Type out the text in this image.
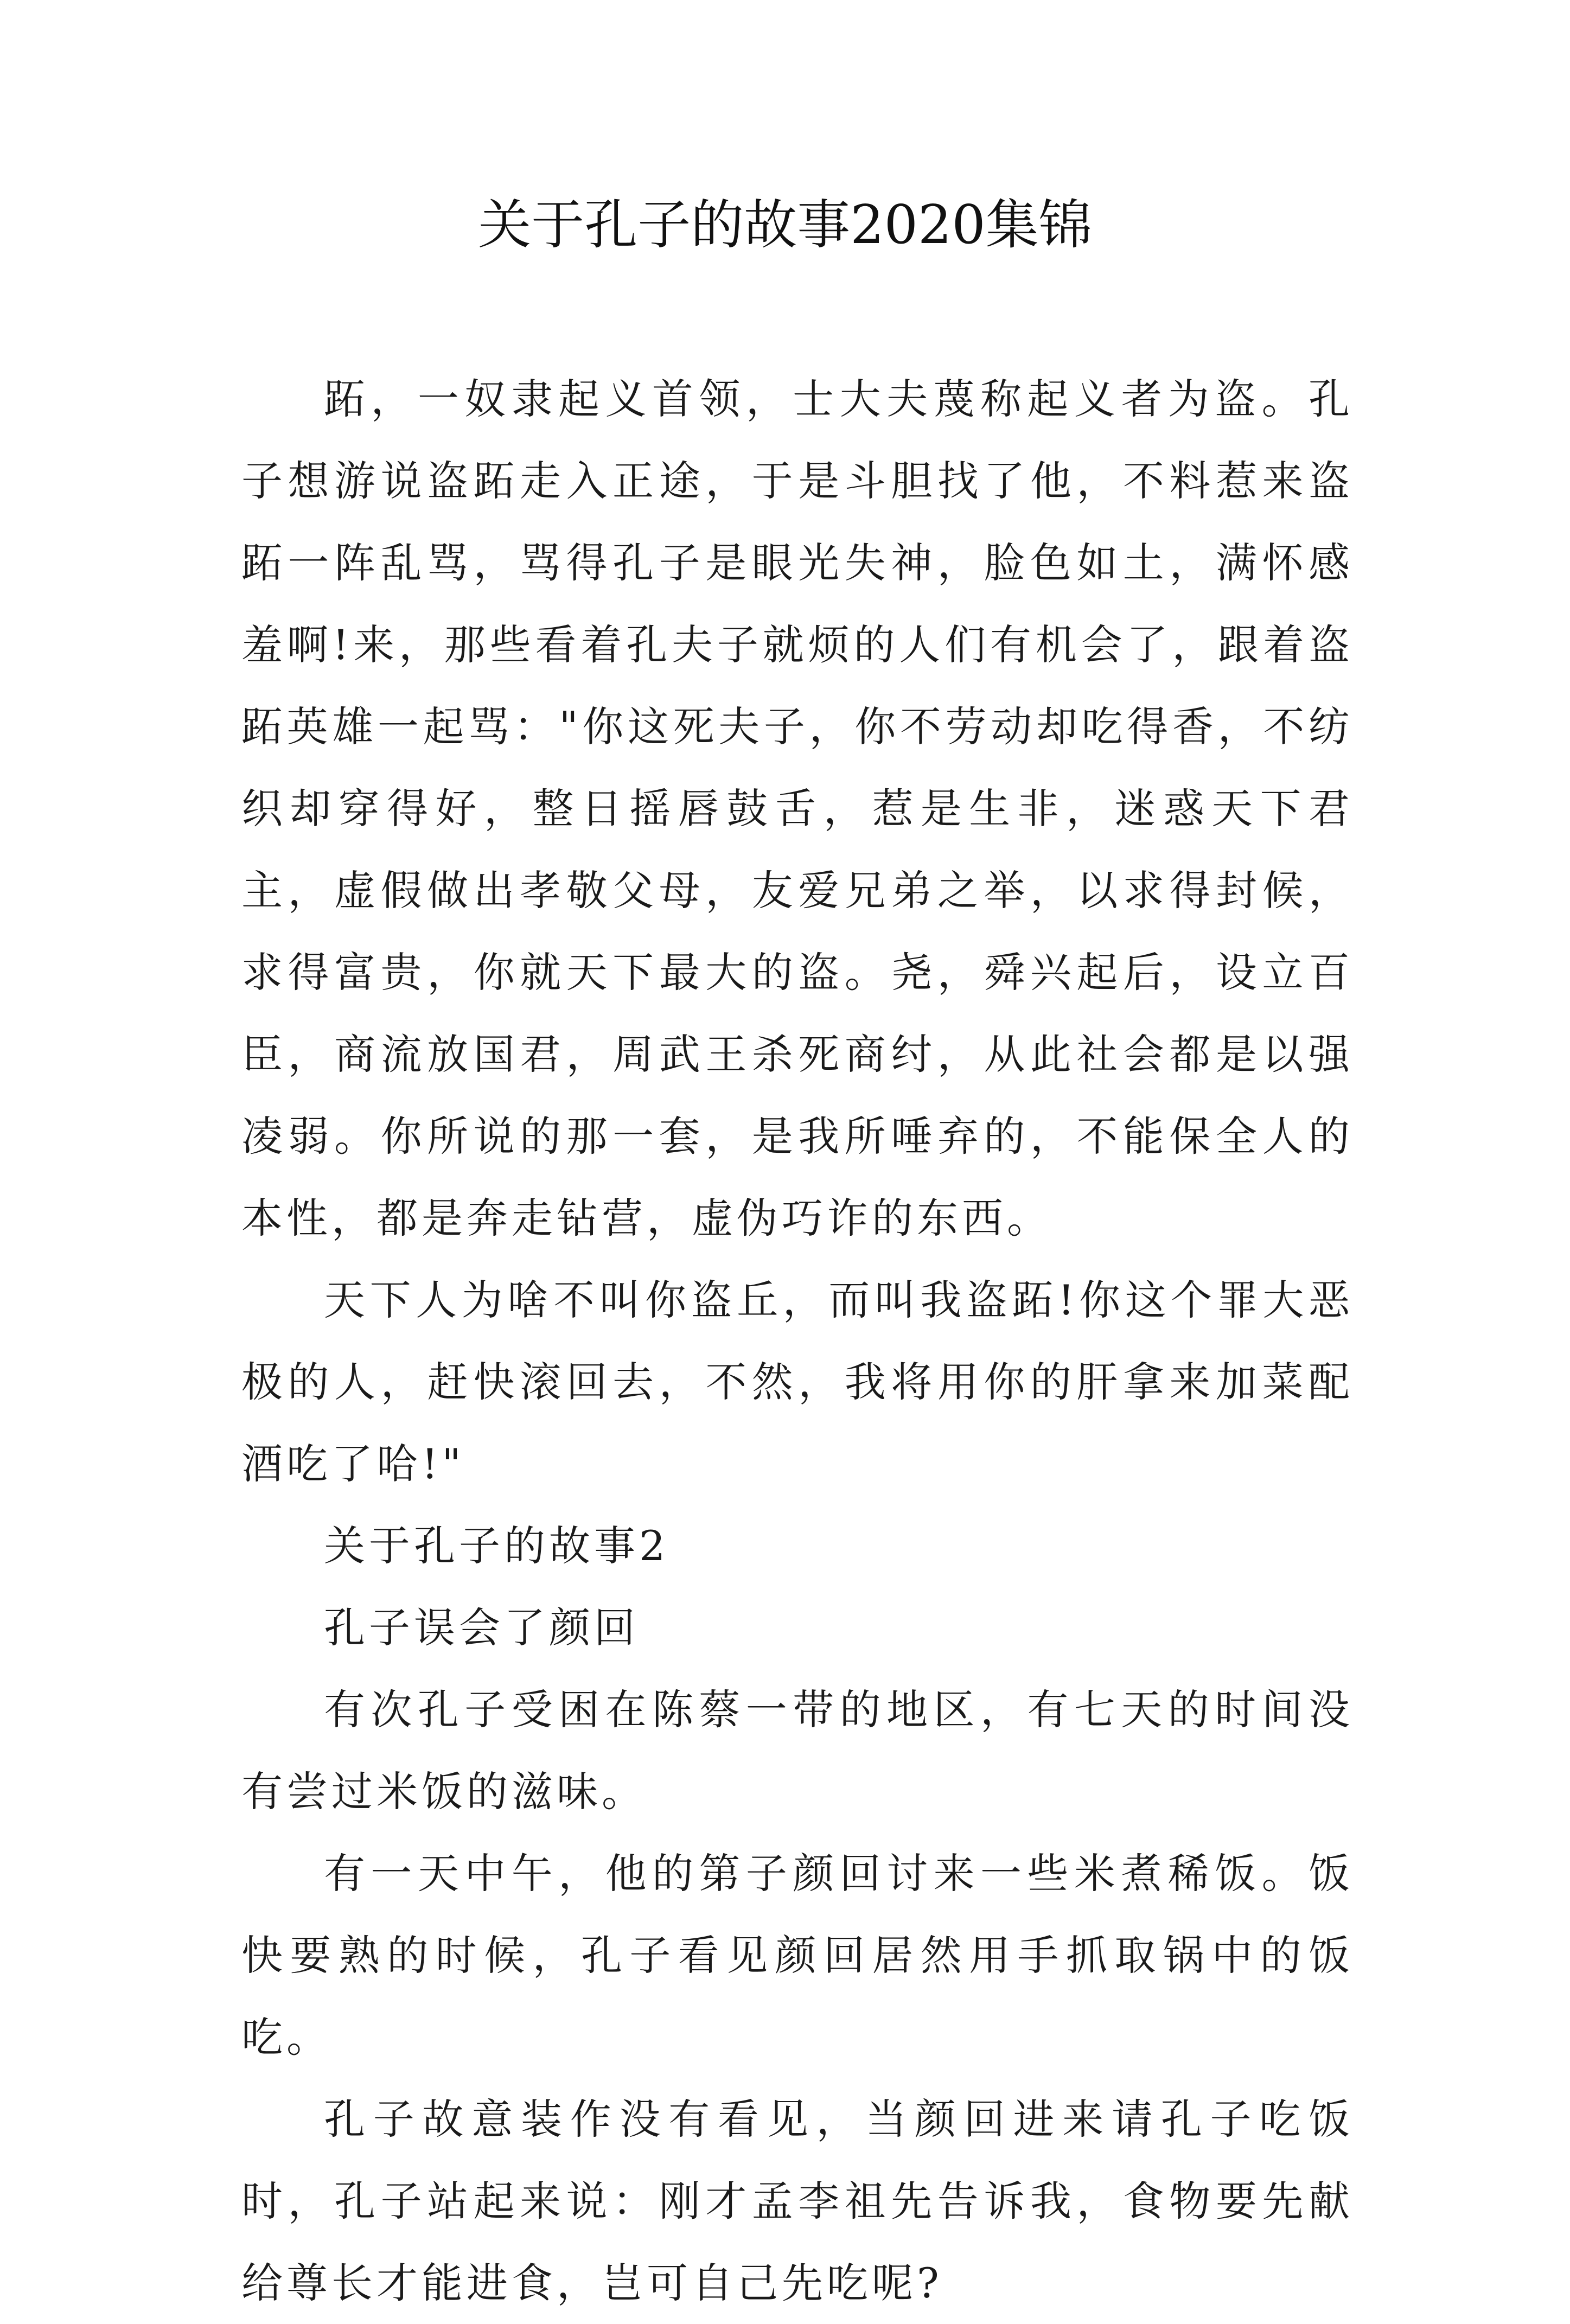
关于孔子的故事2020集锦

跖，一奴隶起义首领，士大夫蔑称起义者为盗。孔子想游说盗跖走入正途，于是斗胆找了他，不料惹来盗跖一阵乱骂，骂得孔子是眼光失神，脸色如土，满怀感羞啊!来，那些看着孔夫子就烦的人们有机会了，跟着盗跖英雄一起骂："你这死夫子，你不劳动却吃得香，不纺织却穿得好，整日摇唇鼓舌，惹是生非，迷惑天下君主，虚假做出孝敬父母，友爱兄弟之举，以求得封候，求得富贵，你就天下最大的盗。尧，舜兴起后，设立百臣，商流放国君，周武王杀死商纣，从此社会都是以强凌弱。你所说的那一套，是我所唾弃的，不能保全人的本性，都是奔走钻营，虚伪巧诈的东西。

天下人为啥不叫你盗丘，而叫我盗跖!你这个罪大恶极的人，赶快滚回去，不然，我将用你的肝拿来加菜配酒吃了哈!"

关于孔子的故事2

孔子误会了颜回

有次孔子受困在陈蔡一带的地区，有七天的时间没有尝过米饭的滋味。

有一天中午，他的第子颜回讨来一些米煮稀饭。饭快要熟的时候，孔子看见颜回居然用手抓取锅中的饭吃。

孔子故意装作没有看见，当颜回进来请孔子吃饭时，孔子站起来说：刚才孟李祖先告诉我，食物要先献给尊长才能进食，岂可自己先吃呢?
